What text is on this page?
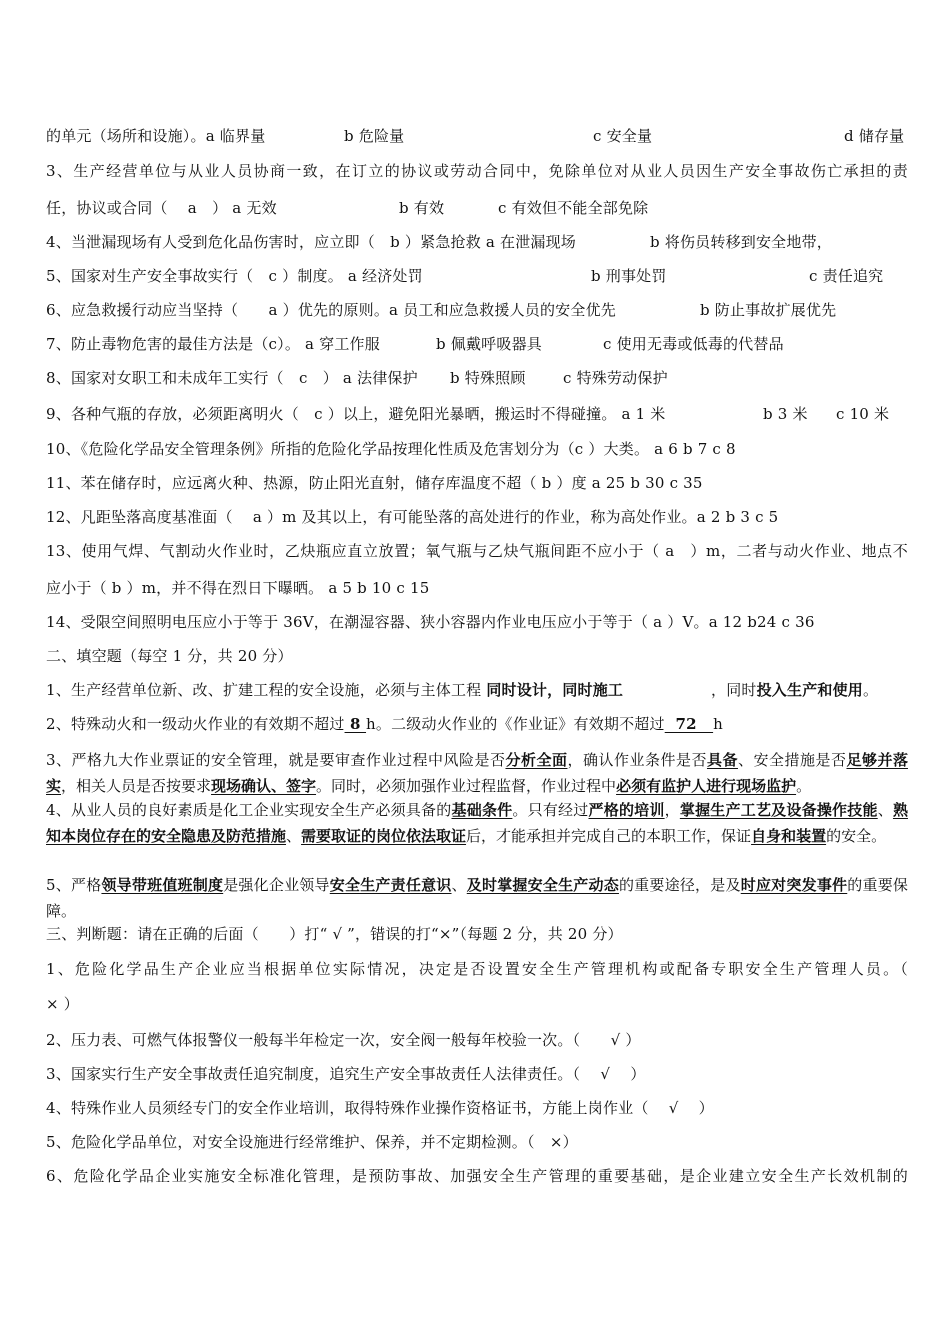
的单元（场所和设施）。a 临界量	b 危险量	c 安全量	d 储存量
3、生产经营单位与从业人员协商一致，在订立的协议或劳动合同中，免除单位对从业人员因生产安全事故伤亡承担的责
任，协议或合同（　 a　） a 无效	b 有效	c 有效但不能全部免除
4、当泄漏现场有人受到危化品伤害时，应立即（　b ）紧急抢救 a 在泄漏现场	b 将伤员转移到安全地带，
5、国家对生产安全事故实行（　c ）制度。 a 经济处罚	b 刑事处罚	c 责任追究
6、应急救援行动应当坚持（　　a ）优先的原则。a 员工和应急救援人员的安全优先	b 防止事故扩展优先
7、防止毒物危害的最佳方法是（c）。 a 穿工作服	b 佩戴呼吸器具	c 使用无毒或低毒的代替品
8、国家对女职工和未成年工实行（　c　） a 法律保护 b 特殊照顾 c 特殊劳动保护
9、各种气瓶的存放，必须距离明火（　c ）以上，避免阳光暴晒，搬运时不得碰撞。 a 1 米	b 3 米 c 10 米
10、《危险化学品安全管理条例》所指的危险化学品按理化性质及危害划分为（c ）大类。 a 6 b 7 c 8
11、苯在储存时，应远离火种、热源，防止阳光直射，储存库温度不超（ b ）度 a 25 b 30 c 35
12、凡距坠落高度基准面（　 a ）m 及其以上，有可能坠落的高处进行的作业，称为高处作业。a 2 b 3 c 5
13、使用气焊、气割动火作业时，乙炔瓶应直立放置；氧气瓶与乙炔气瓶间距不应小于（ a　）m，二者与动火作业、地点不
应小于（ b ）m，并不得在烈日下曝晒。 a 5 b 10 c 15
14、受限空间照明电压应小于等于 36V，在潮湿容器、狭小容器内作业电压应小于等于（ a ）V。a 12 b24 c 36
二、填空题（每空 1 分，共 20 分）
1、生产经营单位新、改、扩建工程的安全设施，必须与主体工程 同时设计，同时施工	，同时投入生产和使用。
2、特殊动火和一级动火作业的有效期不超过 8 h。二级动火作业的《作业证》有效期不超过  72   h
3、严格九大作业票证的安全管理，就是要审查作业过程中风险是否分析全面，确认作业条件是否具备、安全措施是否足够并落实，相关人员是否按要求现场确认、签字。同时，必须加强作业过程监督，作业过程中必须有监护人进行现场监护。
4、从业人员的良好素质是化工企业实现安全生产必须具备的基础条件。只有经过严格的培训，掌握生产工艺及设备操作技能、熟知本岗位存在的安全隐患及防范措施、需要取证的岗位依法取证后，才能承担并完成自己的本职工作，保证自身和装置的安全。
5、严格领导带班值班制度是强化企业领导安全生产责任意识、及时掌握安全生产动态的重要途径，是及时应对突发事件的重要保障。
三、判断题：请在正确的后面（　　）打“ √ ”，错误的打“×”（每题 2 分，共 20 分）
1、危险化学品生产企业应当根据单位实际情况，决定是否设置安全生产管理机构或配备专职安全生产管理人员。（
× ）
2、压力表、可燃气体报警仪一般每半年检定一次，安全阀一般每年校验一次。（　　√ ）
3、国家实行生产安全事故责任追究制度，追究生产安全事故责任人法律责任。（　 √　 ）
4、特殊作业人员须经专门的安全作业培训，取得特殊作业操作资格证书，方能上岗作业（　 √　 ）
5、危险化学品单位，对安全设施进行经常维护、保养，并不定期检测。（　×）
6、危险化学品企业实施安全标准化管理，是预防事故、加强安全生产管理的重要基础，是企业建立安全生产长效机制的
